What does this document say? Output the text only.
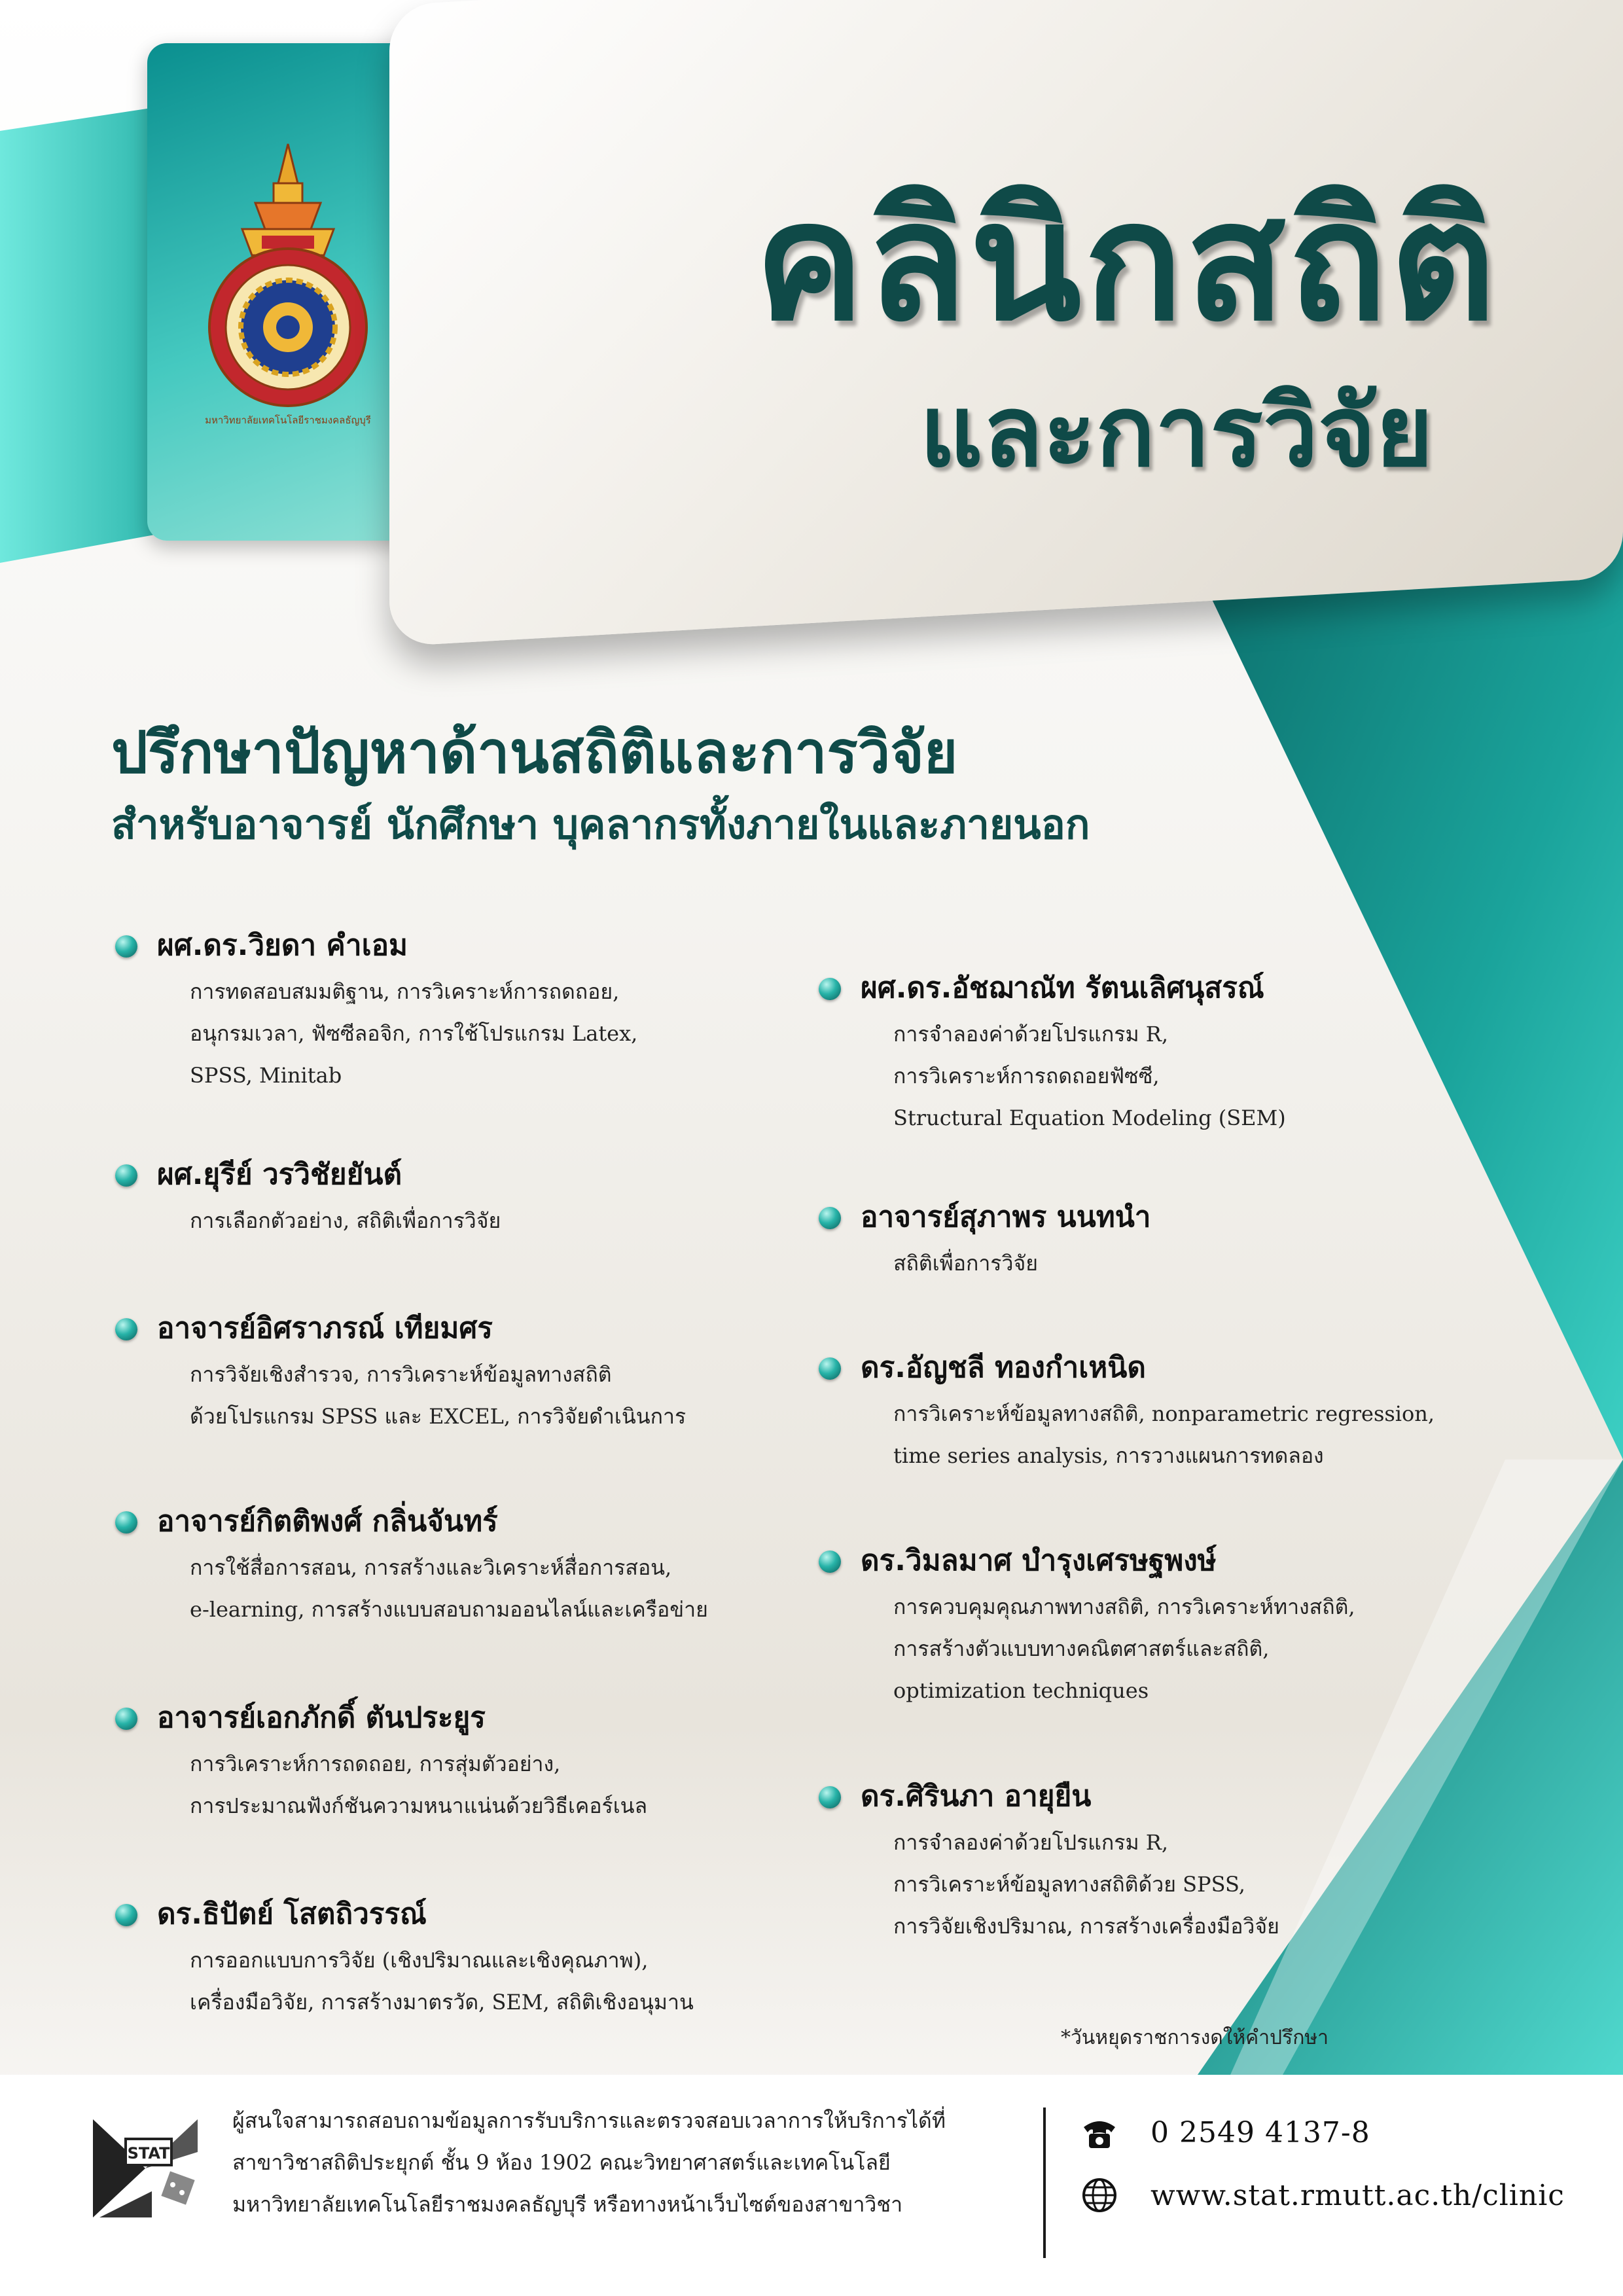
มหาวิทยาลัยเทคโนโลยีราชมงคลธัญบุรี
คลินิกสถิติ
และการวิจัย
ปรึกษาปัญหาด้านสถิติและการวิจัย
สำหรับอาจารย์ นักศึกษา บุคลากรทั้งภายในและภายนอก
ผศ.ดร.วิยดา คำเอม
การทดสอบสมมติฐาน, การวิเคราะห์การถดถอย,
อนุกรมเวลา, ฟัซซีลอจิก, การใช้โปรแกรม Latex,
SPSS, Minitab
ผศ.ยุรีย์ วรวิชัยยันต์
การเลือกตัวอย่าง, สถิติเพื่อการวิจัย
อาจารย์อิศราภรณ์ เทียมศร
การวิจัยเชิงสำรวจ, การวิเคราะห์ข้อมูลทางสถิติ
ด้วยโปรแกรม SPSS และ EXCEL, การวิจัยดำเนินการ
อาจารย์กิตติพงศ์ กลิ่นจันทร์
การใช้สื่อการสอน, การสร้างและวิเคราะห์สื่อการสอน,
e-learning, การสร้างแบบสอบถามออนไลน์และเครือข่าย
อาจารย์เอกภักดิ์ ตันประยูร
การวิเคราะห์การถดถอย, การสุ่มตัวอย่าง,
การประมาณฟังก์ชันความหนาแน่นด้วยวิธีเคอร์เนล
ดร.ธิปัตย์ โสตถิวรรณ์
การออกแบบการวิจัย (เชิงปริมาณและเชิงคุณภาพ),
เครื่องมือวิจัย, การสร้างมาตรวัด, SEM, สถิติเชิงอนุมาน
ผศ.ดร.อัชฌาณัท รัตนเลิศนุสรณ์
การจำลองค่าด้วยโปรแกรม R,
การวิเคราะห์การถดถอยฟัซซี,
Structural Equation Modeling (SEM)
อาจารย์สุภาพร นนทนำ
สถิติเพื่อการวิจัย
ดร.อัญชลี ทองกำเหนิด
การวิเคราะห์ข้อมูลทางสถิติ, nonparametric regression,
time series analysis, การวางแผนการทดลอง
ดร.วิมลมาศ บำรุงเศรษฐพงษ์
การควบคุมคุณภาพทางสถิติ, การวิเคราะห์ทางสถิติ,
การสร้างตัวแบบทางคณิตศาสตร์และสถิติ,
optimization techniques
ดร.ศิรินภา อายุยืน
การจำลองค่าด้วยโปรแกรม R,
การวิเคราะห์ข้อมูลทางสถิติด้วย SPSS,
การวิจัยเชิงปริมาณ, การสร้างเครื่องมือวิจัย
*วันหยุดราชการงดให้คำปรึกษา
STAT
ผู้สนใจสามารถสอบถามข้อมูลการรับบริการและตรวจสอบเวลาการให้บริการได้ที่
สาขาวิชาสถิติประยุกต์ ชั้น 9 ห้อง 1902 คณะวิทยาศาสตร์และเทคโนโลยี
มหาวิทยาลัยเทคโนโลยีราชมงคลธัญบุรี หรือทางหน้าเว็บไซต์ของสาขาวิชา
0 2549 4137-8
www.stat.rmutt.ac.th/clinic
